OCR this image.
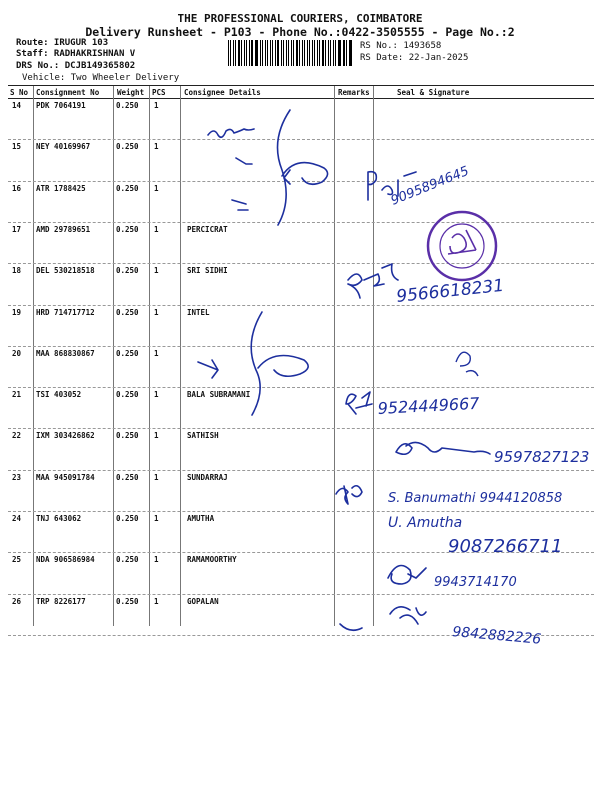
THE PROFESSIONAL COURIERS, COIMBATORE
Delivery Runsheet - P103 - Phone No.:0422-3505555 - Page No.:2
Route: IRUGUR 103
Staff: RADHAKRISHNAN V
DRS No.: DCJB149365802
Vehicle: Two Wheeler Delivery
RS No.: 1493658
RS Date: 22-Jan-2025
S No Consignment No Weight PCS Consignee Details	Remarks	Seal & Signature
14 PDK 7064191	0.250 1
15 NEY 40169967	0.250 1
16 ATR 1788425	0.250 1
17 AMD 29789651	0.250 1	PERCICRAT
18 DEL 530218518	0.250 1	SRI SIDHI
19 HRD 714717712	0.250 1	INTEL
20 MAA 868830867	0.250 1
21 TSI 403052	0.250 1	BALA SUBRAMANI
22 IXM 303426862	0.250 1	SATHISH
23 MAA 945091784	0.250 1	SUNDARRAJ
24 TNJ 643062	0.250 1	AMUTHA
25 NDA 906586984	0.250 1	RAMAMOORTHY
26 TRP 8226177	0.250 1	GOPALAN
9095894645
9566618231
9524449667
9597827123
S. Banumathi 9944120858
U. Amutha
9087266711
9943714170
9842882226
